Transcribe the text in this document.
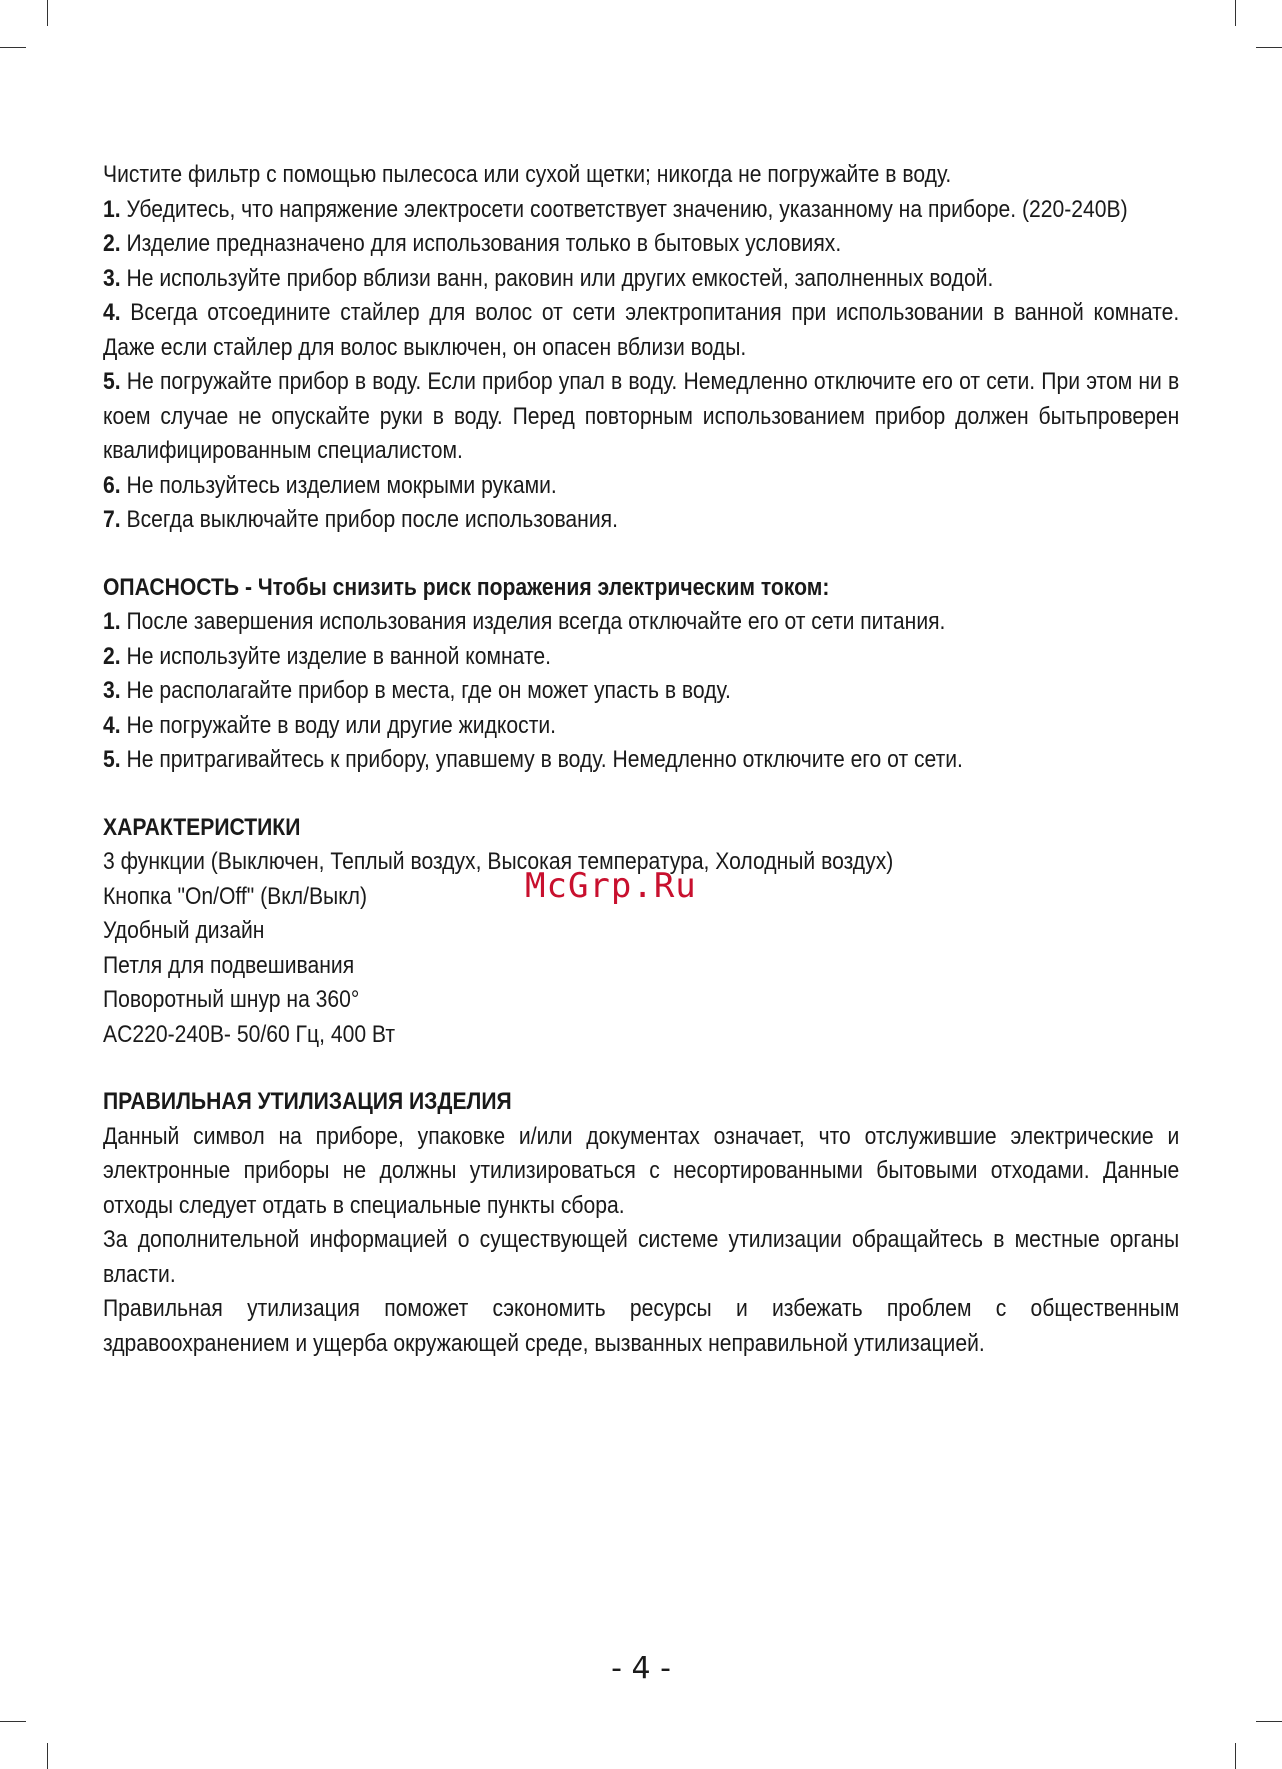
Чистите фильтр с помощью пылесоса или сухой щетки; никогда не погружайте в воду.

1. Убедитесь, что напряжение электросети соответствует значению, указанному на приборе. (220-240В)

2. Изделие предназначено для использования только в бытовых условиях.

3. Не используйте прибор вблизи ванн, раковин или других емкостей, заполненных водой.

4. Всегда отсоедините стайлер для волос от сети электропитания при использовании в ванной комнате. Даже если стайлер для волос выключен, он опасен вблизи воды.

5. Не погружайте прибор в воду. Если прибор упал в воду. Немедленно отключите его от сети. При этом ни в коем случае не опускайте руки в воду. Перед повторным использованием прибор должен бытьпроверен квалифицированным специалистом.

6. Не пользуйтесь изделием мокрыми руками.

7. Всегда выключайте прибор после использования.

ОПАСНОСТЬ - Чтобы снизить риск поражения электрическим током:

1. После завершения использования изделия всегда отключайте его от сети питания.

2. Не используйте изделие в ванной комнате.

3. Не располагайте прибор в места, где он может упасть в воду.

4. Не погружайте в воду или другие жидкости.

5. Не притрагивайтесь к прибору, упавшему в воду. Немедленно отключите его от сети.

ХАРАКТЕРИСТИКИ

3 функции (Выключен, Теплый воздух, Высокая температура, Холодный воздух)

Кнопка "On/Off" (Вкл/Выкл)

Удобный дизайн

Петля для подвешивания

Поворотный шнур на 360°

AC220-240В- 50/60 Гц, 400 Вт

ПРАВИЛЬНАЯ УТИЛИЗАЦИЯ ИЗДЕЛИЯ

Данный символ на приборе, упаковке и/или документах означает, что отслужившие электрические и электронные приборы не должны утилизироваться с несортированными бытовыми отходами. Данные отходы следует отдать в специальные пункты сбора.

За дополнительной информацией о существующей системе утилизации обращайтесь в местные органы власти.

Правильная утилизация поможет сэкономить ресурсы и избежать проблем с общественным здравоохранением и ущерба окружающей среде, вызванных неправильной утилизацией.

McGrp.Ru
- 4 -
